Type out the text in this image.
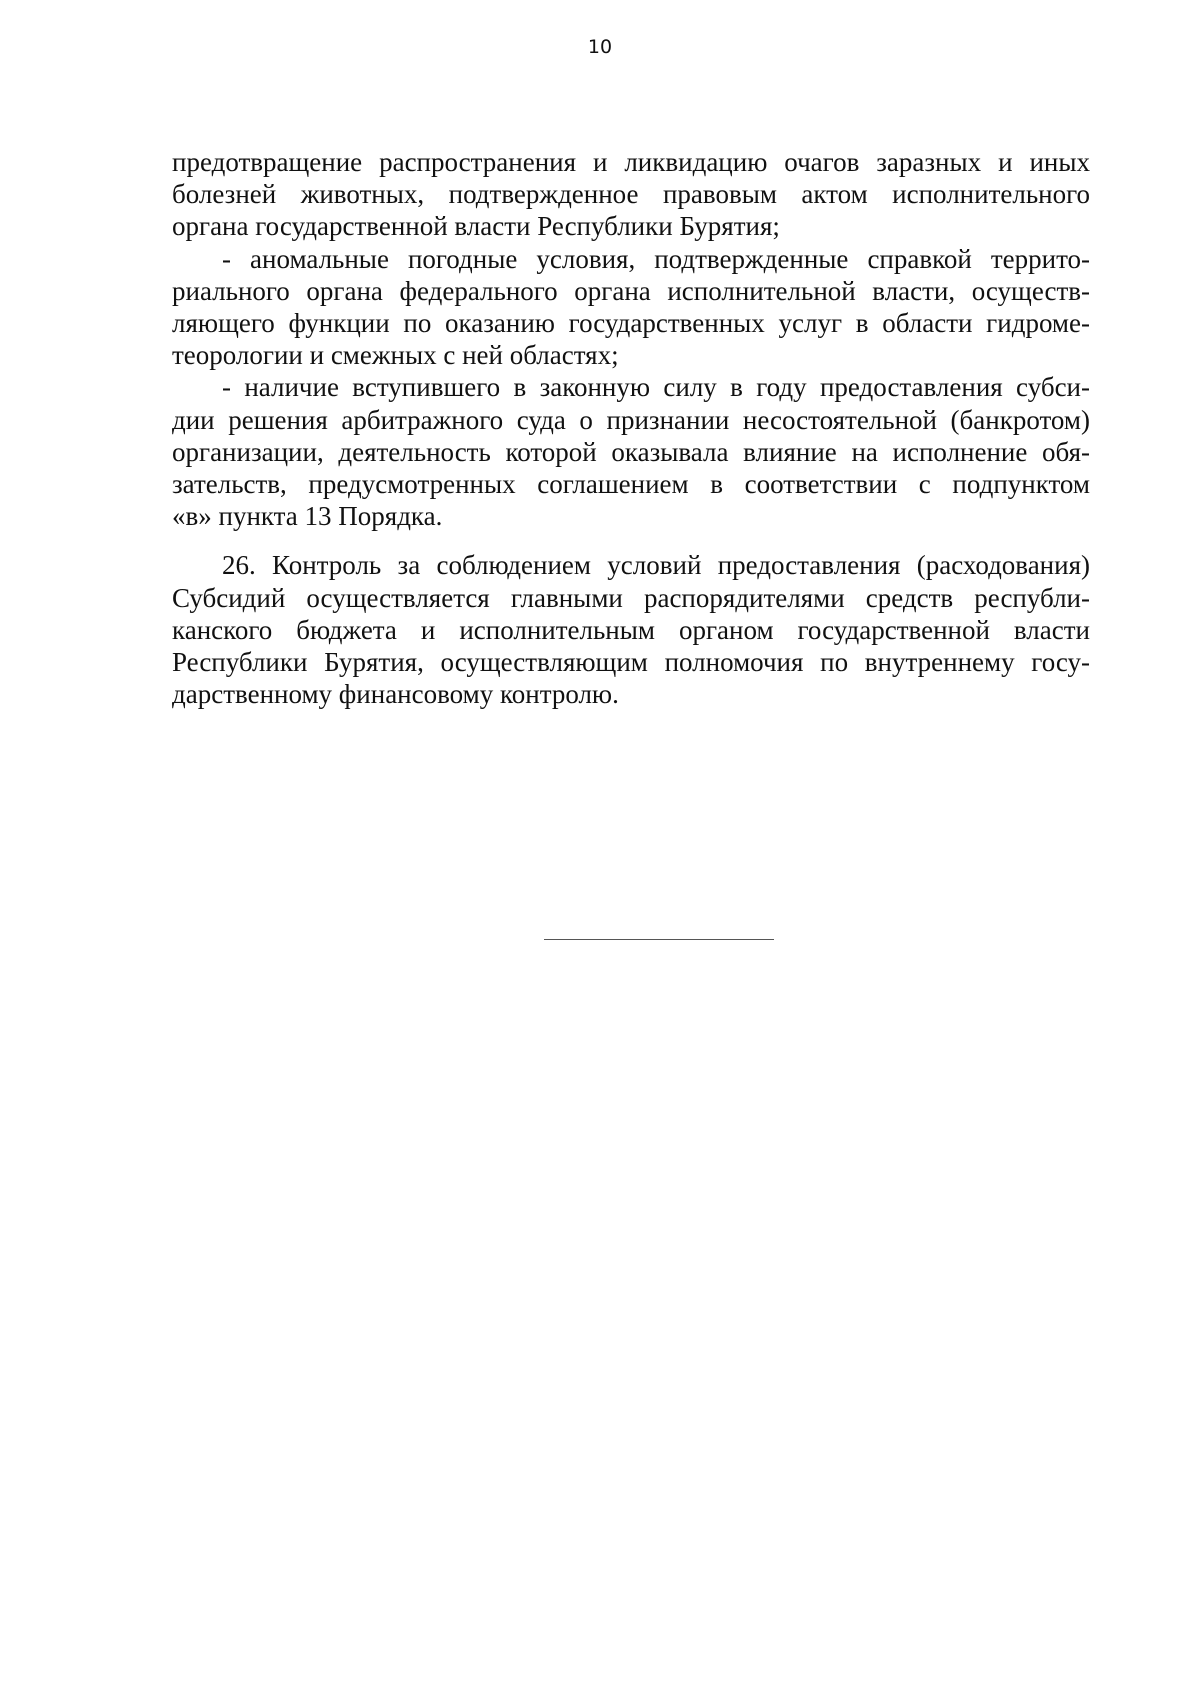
10
предотвращение распространения и ликвидацию очагов заразных и иных
болезней животных, подтвержденное правовым актом исполнительного
органа государственной власти Республики Бурятия;
- аномальные погодные условия, подтвержденные справкой террито-
риального органа федерального органа исполнительной власти, осуществ-
ляющего функции по оказанию государственных услуг в области гидроме-
теорологии и смежных с ней областях;
- наличие вступившего в законную силу в году предоставления субси-
дии решения арбитражного суда о признании несостоятельной (банкротом)
организации, деятельность которой оказывала влияние на исполнение обя-
зательств, предусмотренных соглашением в соответствии с подпунктом
«в» пункта 13 Порядка.
26. Контроль за соблюдением условий предоставления (расходования)
Субсидий осуществляется главными распорядителями средств республи-
канского бюджета и исполнительным органом государственной власти
Республики Бурятия, осуществляющим полномочия по внутреннему госу-
дарственному финансовому контролю.
